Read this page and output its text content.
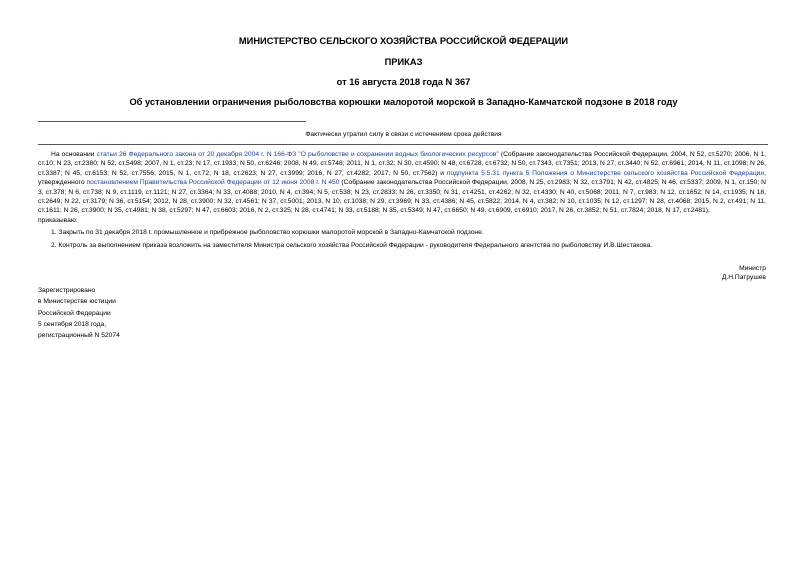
МИНИСТЕРСТВО СЕЛЬСКОГО ХОЗЯЙСТВА РОССИЙСКОЙ ФЕДЕРАЦИИ
ПРИКАЗ
от 16 августа 2018 года N 367
Об установлении ограничения рыболовства корюшки малоротой морской в Западно-Камчатской подзоне в 2018 году
Фактически утратил силу в связи с истечением срока действия

На основании статьи 26 Федерального закона от 20 декабря 2004 г. N 166-ФЗ "О рыболовстве и сохранении водных биологических ресурсов" (Собрание законодательства Российской Федерации, 2004, N 52, ст.5270; 2006, N 1, ст.10; N 23, ст.2380; N 52, ст.5498; 2007, N 1, ст.23; N 17, ст.1933; N 50, ст.6246; 2008, N 49, ст.5748; 2011, N 1, ст.32; N 30, ст.4590; N 48, ст.6728, ст.6732; N 50, ст.7343, ст.7351; 2013, N 27, ст.3440; N 52, ст.6961; 2014, N 11, ст.1098; N 26, ст.3387; N 45, ст.6153; N 52, ст.7556; 2015, N 1, ст.72; N 18, ст.2623; N 27, ст.3999; 2016, N 27, ст.4282; 2017, N 50, ст.7562) и подпункта 5.5.31 пункта 5 Положения о Министерстве сельского хозяйства Российской Федерации, утвержденного постановлением Правительства Российской Федерации от 12 июня 2008 г. N 450 (Собрание законодательства Российской Федерации, 2008, N 25, ст.2983; N 32, ст.3791; N 42, ст.4825; N 46, ст.5337; 2009, N 1, ст.150; N 3, ст.378; N 6, ст.738; N 9, ст.1119, ст.1121; N 27, ст.3364; N 33, ст.4088; 2010, N 4, ст.394; N 5, ст.538; N 23, ст.2833; N 26, ст.3350; N 31, ст.4251, ст.4262; N 32, ст.4330; N 40, ст.5068; 2011, N 7, ст.983; N 12, ст.1652; N 14, ст.1935; N 18, ст.2649; N 22, ст.3179; N 36, ст.5154; 2012, N 28, ст.3900; N 32, ст.4561; N 37, ст.5001; 2013, N 10, ст.1038; N 29, ст.3969; N 33, ст.4386; N 45, ст.5822; 2014, N 4, ст.382; N 10, ст.1035; N 12, ст.1297; N 28, ст.4068; 2015, N 2, ст.491; N 11, ст.1611; N 26, ст.3900; N 35, ст.4981; N 38, ст.5297; N 47, ст.6603; 2016, N 2, ст.325; N 28, ст.4741; N 33, ст.5188; N 35, ст.5349; N 47, ст.6650; N 49, ст.6909, ст.6910; 2017, N 26, ст.3852; N 51, ст.7824; 2018, N 17, ст.2481),

приказываю:

1. Закрыть по 31 декабря 2018 г. промышленное и прибрежное рыболовство корюшки малоротой морской в Западно-Камчатской подзоне.

2. Контроль за выполнением приказа возложить на заместителя Министра сельского хозяйства Российской Федерации - руководителя Федерального агентства по рыболовству И.В.Шестакова.

Министр
Д.Н.Патрушев
Зарегистрировано
в Министерстве юстиции
Российской Федерации
5 сентября 2018 года,
регистрационный N 52074
